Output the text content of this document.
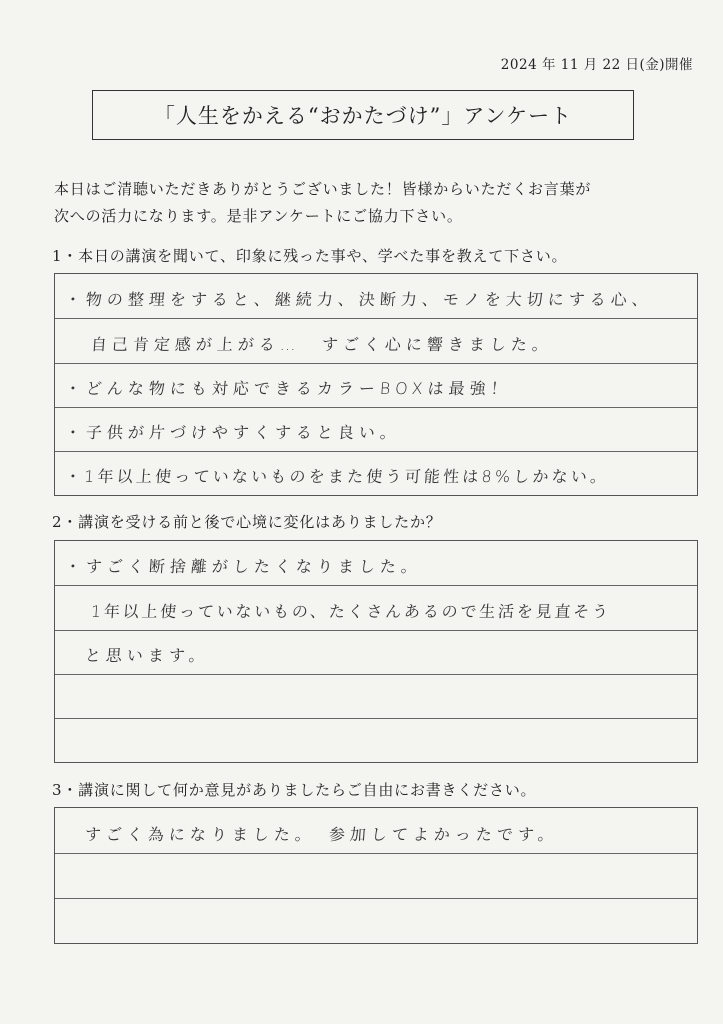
2024 年 11 月 22 日(金)開催
「人生をかえる“おかたづけ”」アンケート
本日はご清聴いただきありがとうございました！皆様からいただくお言葉が
次への活力になります。是非アンケートにご協力下さい。
1・本日の講演を聞いて、印象に残った事や、学べた事を教えて下さい。
・物の整理をすると、継続力、決断力、モノを大切にする心、
自己肯定感が上がる…　すごく心に響きました。
・どんな物にも対応できるカラーBOXは最強！
・子供が片づけやすくすると良い。
・1年以上使っていないものをまた使う可能性は8%しかない。
2・講演を受ける前と後で心境に変化はありましたか？
・すごく断捨離がしたくなりました。
1年以上使っていないもの、たくさんあるので生活を見直そう
と思います。
3・講演に関して何か意見がありましたらご自由にお書きください。
すごく為になりました。　参加してよかったです。
